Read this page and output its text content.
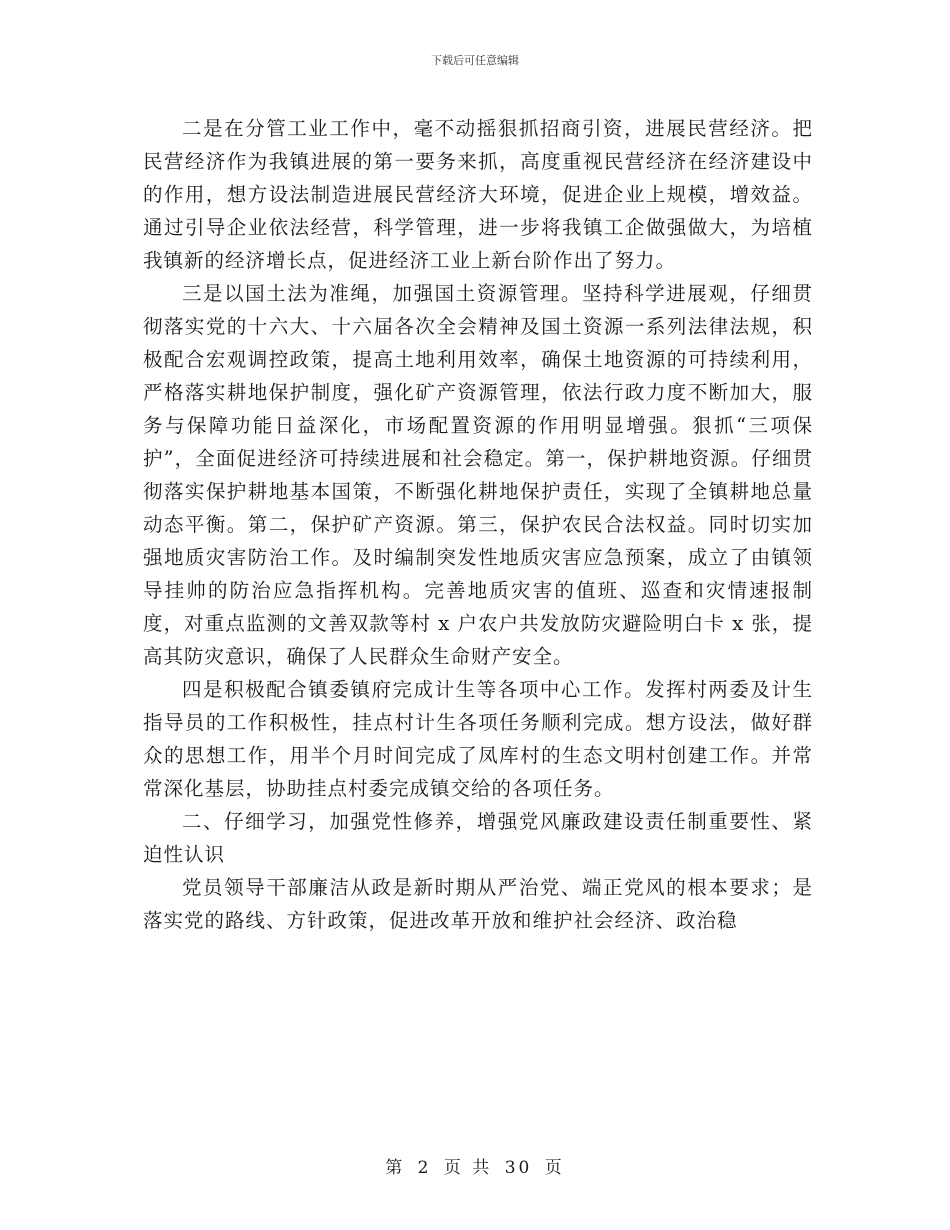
下载后可任意编辑

二是在分管工业工作中，毫不动摇狠抓招商引资，进展民营经济。把民营经济作为我镇进展的第一要务来抓，高度重视民营经济在经济建设中的作用，想方设法制造进展民营经济大环境，促进企业上规模，增效益。通过引导企业依法经营，科学管理，进一步将我镇工企做强做大，为培植我镇新的经济增长点，促进经济工业上新台阶作出了努力。

三是以国土法为准绳，加强国土资源管理。坚持科学进展观，仔细贯彻落实党的十六大、十六届各次全会精神及国土资源一系列法律法规，积极配合宏观调控政策，提高土地利用效率，确保土地资源的可持续利用，严格落实耕地保护制度，强化矿产资源管理，依法行政力度不断加大，服务与保障功能日益深化，市场配置资源的作用明显增强。狠抓“三项保护”，全面促进经济可持续进展和社会稳定。第一，保护耕地资源。仔细贯彻落实保护耕地基本国策，不断强化耕地保护责任，实现了全镇耕地总量动态平衡。第二，保护矿产资源。第三，保护农民合法权益。同时切实加强地质灾害防治工作。及时编制突发性地质灾害应急预案，成立了由镇领导挂帅的防治应急指挥机构。完善地质灾害的值班、巡查和灾情速报制度，对重点监测的文善双款等村 x 户农户共发放防灾避险明白卡 x 张，提高其防灾意识，确保了人民群众生命财产安全。

四是积极配合镇委镇府完成计生等各项中心工作。发挥村两委及计生指导员的工作积极性，挂点村计生各项任务顺利完成。想方设法，做好群众的思想工作，用半个月时间完成了凤库村的生态文明村创建工作。并常常深化基层，协助挂点村委完成镇交给的各项任务。

二、仔细学习，加强党性修养，增强党风廉政建设责任制重要性、紧迫性认识

党员领导干部廉洁从政是新时期从严治党、端正党风的根本要求；是落实党的路线、方针政策，促进改革开放和维护社会经济、政治稳

第 2 页 共 30 页
